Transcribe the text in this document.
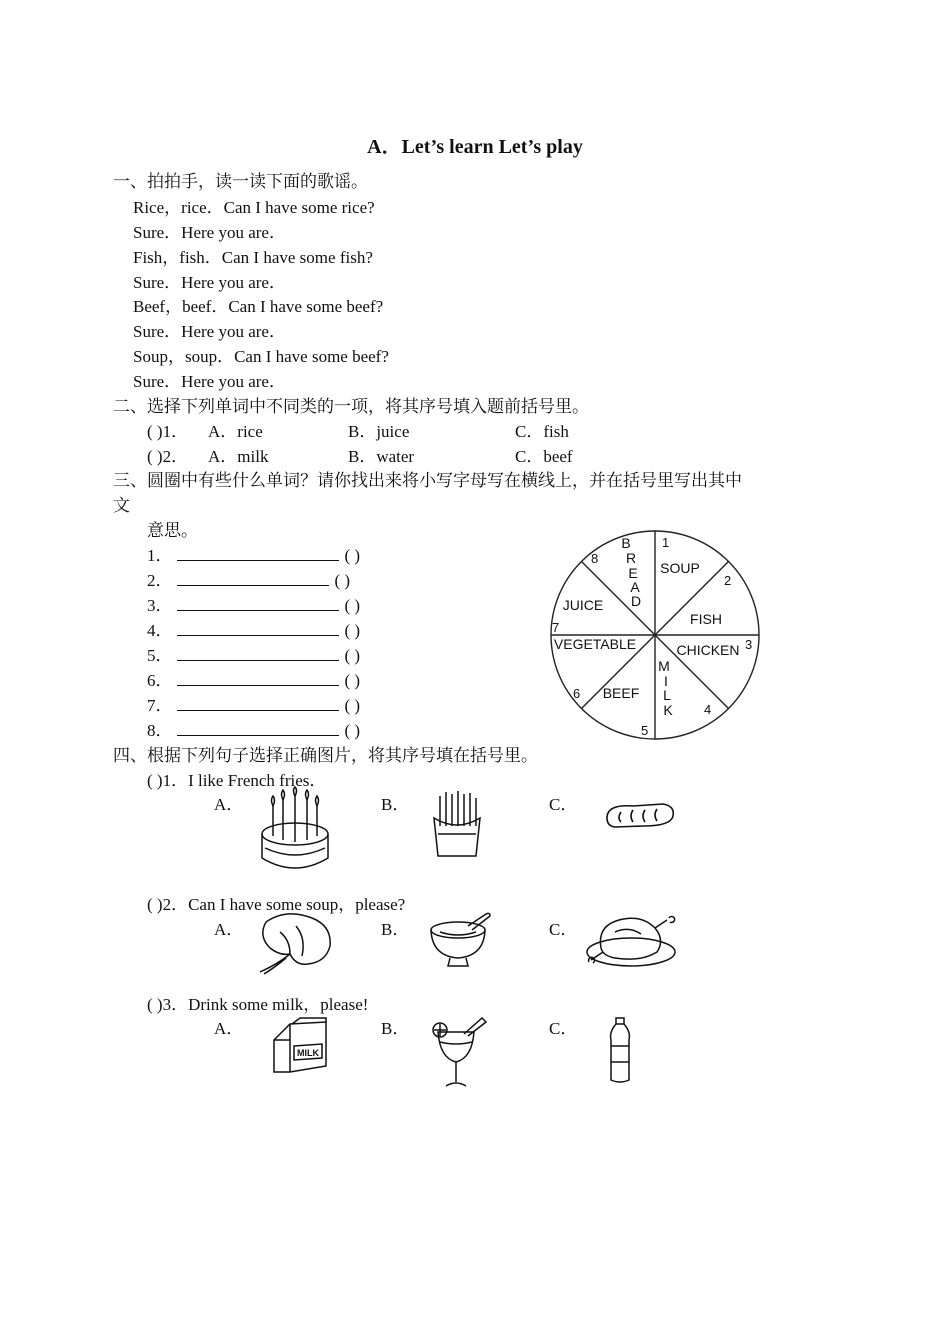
A．Let’s learn Let’s play
一、拍拍手，读一读下面的歌谣。
Rice，rice．Can I have some rice?
Sure．Here you are．
Fish，fish．Can I have some fish?
Sure．Here you are．
Beef，beef．Can I have some beef?
Sure．Here you are．
Soup，soup．Can I have some beef?
Sure．Here you are．
二、选择下列单词中不同类的一项，将其序号填入题前括号里。
( )1． A．rice	B．juice	C．fish
( )2． A．milk	B．water	C．beef
三、圆圈中有些什么单词？请你找出来将小写字母写在横线上，并在括号里写出其中
文
意思。
1．	( )
2．	( )
3．	( )
4．	( )
5．	( )
6．	( )
7．	( )
8．	( )
B
R
E
A
D
SOUP
FISH
CHICKEN
M
I
L
K
BEEF
VEGETABLE
JUICE
1
2
3
4
5
6
7
8
四、根据下列句子选择正确图片，将其序号填在括号里。
( )1．I like French fries．
A．	B．	C．
( )2．Can I have some soup，please?
A．	B．	C．
( )3．Drink some milk，please!
A．	B．	C．
MILK
